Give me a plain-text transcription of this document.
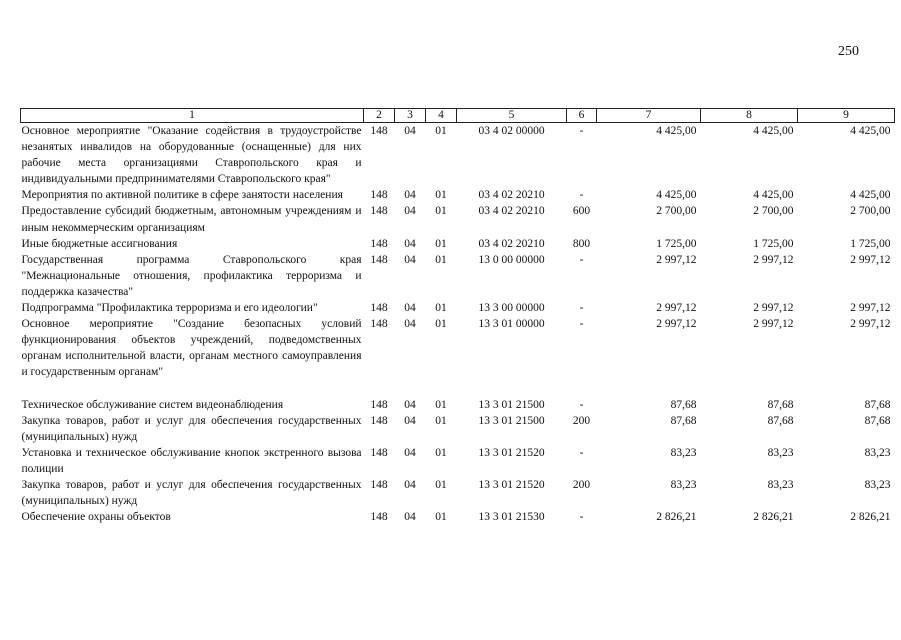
250
1	2	3	4	5	6	7	8	9
Основное мероприятие "Оказание содействия в трудоустройстве незанятых инвалидов на оборудованные (оснащенные) для них рабочие места организациями Ставропольского края и индивидуальными предпринимателями Ставропольского края"	148	04	01	03 4 02 00000	-	4 425,00	4 425,00	4 425,00
Мероприятия по активной политике в сфере занятости населения	148	04	01	03 4 02 20210	-	4 425,00	4 425,00	4 425,00
Предоставление субсидий бюджетным, автономным учреждениям и иным некоммерческим организациям	148	04	01	03 4 02 20210	600	2 700,00	2 700,00	2 700,00
Иные бюджетные ассигнования	148	04	01	03 4 02 20210	800	1 725,00	1 725,00	1 725,00
Государственная программа Ставропольского края "Межнациональные отношения, профилактика терроризма и поддержка казачества"	148	04	01	13 0 00 00000	-	2 997,12	2 997,12	2 997,12
Подпрограмма "Профилактика терроризма и его идеологии"	148	04	01	13 3 00 00000	-	2 997,12	2 997,12	2 997,12
Основное мероприятие "Создание безопасных условий функционирования объектов учреждений, подведомственных органам исполнительной власти, органам местного самоуправления и государственным органам"	148	04	01	13 3 01 00000	-	2 997,12	2 997,12	2 997,12

Техническое обслуживание систем видеонаблюдения	148	04	01	13 3 01 21500	-	87,68	87,68	87,68
Закупка товаров, работ и услуг для обеспечения государственных (муниципальных) нужд	148	04	01	13 3 01 21500	200	87,68	87,68	87,68
Установка и техническое обслуживание кнопок экстренного вызова полиции	148	04	01	13 3 01 21520	-	83,23	83,23	83,23
Закупка товаров, работ и услуг для обеспечения государственных (муниципальных) нужд	148	04	01	13 3 01 21520	200	83,23	83,23	83,23
Обеспечение охраны объектов	148	04	01	13 3 01 21530	-	2 826,21	2 826,21	2 826,21
